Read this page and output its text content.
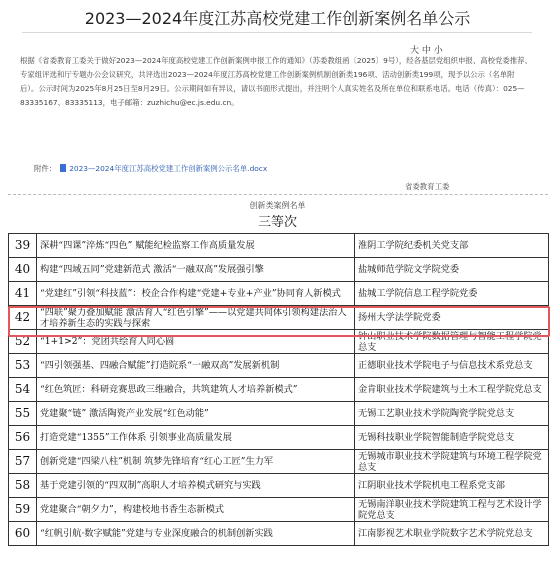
2023—2024年度江苏高校党建工作创新案例名单公示
大 中 小
根据《省委教育工委关于做好2023—2024年度高校党建工作创新案例申报工作的通知》（苏委教组函〔2025〕9号），经各基层党组织申报、高校党委推荐、专家组评选和厅专题办公会议研究，共评选出2023—2024年度江苏高校党建工作创新案例机制创新类196项、活动创新类199项，现予以公示（名单附后）。公示时间为2025年8月25日至8月29日。公示期间如有异议，请以书面形式提出，并注明个人真实姓名及所在单位和联系电话。电话（传真）：025—83335167、83335113，电子邮箱：zuzhichu@ec.js.edu.cn。
附件： 2023—2024年度江苏高校党建工作创新案例公示名单.docx
省委教育工委
创新类案例名单
三等次
39	深耕“四课”淬炼“四色” 赋能纪检监察工作高质量发展	淮阴工学院纪委机关党支部
40	构建“四域五同”党建新范式 激活“一融双高”发展强引擎	盐城师范学院文学院党委
41	“党建红”引领“科技蓝”：校企合作构建“党建+专业+产业”协同育人新模式	盐城工学院信息工程学院党委
42	“四联”聚力叠加赋能 激活育人“红色引擎”——以党建共同体引领构建法治人才培养新生态的实践与探索	扬州大学法学院党委
52	“1+1>2”：党团共绘育人同心圆	钟山职业技术学院数据管理与智能工程学院党总支
53	“四引领强基、四融合赋能”打造院系“一融双高”发展新机制	正德职业技术学院电子与信息技术系党总支
54	“红色筑匠：科研竞赛思政三维融合，共筑建筑人才培养新模式”	金肯职业技术学院建筑与土木工程学院党总支
55	党建聚“链” 激活陶瓷产业发展“红色动能”	无锡工艺职业技术学院陶瓷学院党总支
56	打造党建“1355”工作体系 引领事业高质量发展	无锡科技职业学院智能制造学院党总支
57	创新党建“四梁八柱”机制 筑梦先锋培育“红心工匠”生力军	无锡城市职业技术学院建筑与环境工程学院党总支
58	基于党建引领的“四双制”高职人才培养模式研究与实践	江阴职业技术学院机电工程系党支部
59	党建聚合“朝夕力”，构建校地书香生态新模式	无锡南洋职业技术学院建筑工程与艺术设计学院党总支
60	“红帆引航·数字赋能”党建与专业深度融合的机制创新实践	江南影视艺术职业学院数字艺术学院党总支
